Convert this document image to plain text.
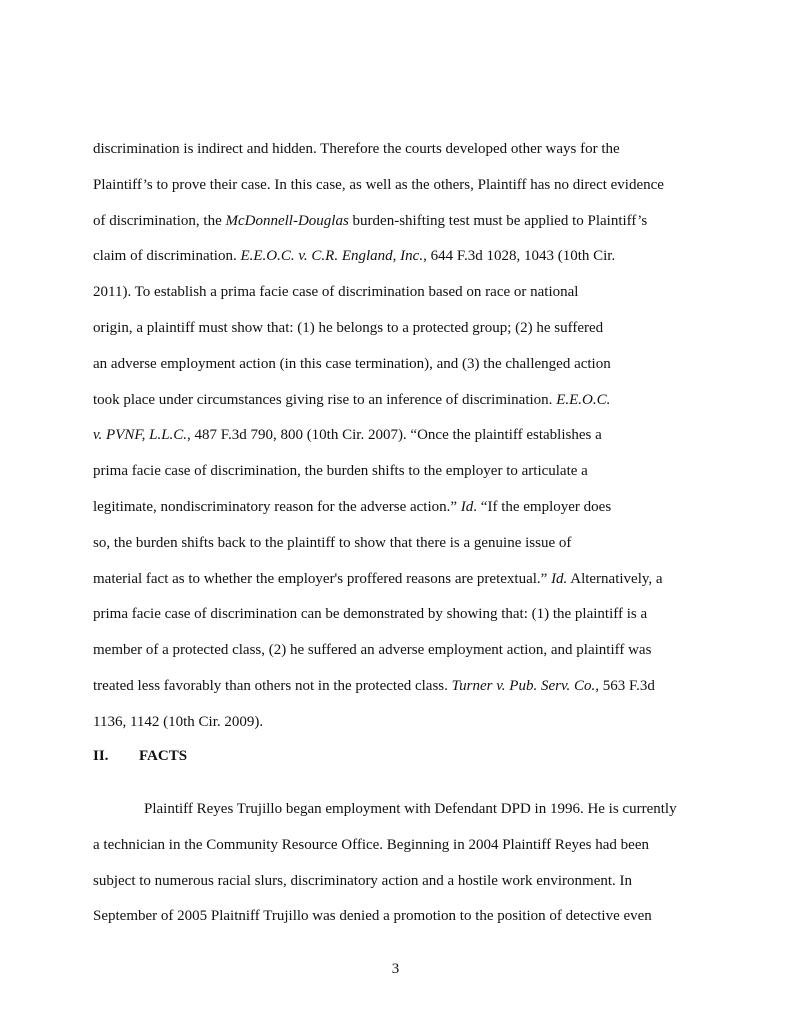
discrimination is indirect and hidden. Therefore the courts developed other ways for the
Plaintiff’s to prove their case. In this case, as well as the others, Plaintiff has no direct evidence
of discrimination, the McDonnell-Douglas burden-shifting test must be applied to Plaintiff’s
claim of discrimination. E.E.O.C. v. C.R. England, Inc., 644 F.3d 1028, 1043 (10th Cir.
2011). To establish a prima facie case of discrimination based on race or national
origin, a plaintiff must show that: (1) he belongs to a protected group; (2) he suffered
an adverse employment action (in this case termination), and (3) the challenged action
took place under circumstances giving rise to an inference of discrimination. E.E.O.C.
v. PVNF, L.L.C., 487 F.3d 790, 800 (10th Cir. 2007). “Once the plaintiff establishes a
prima facie case of discrimination, the burden shifts to the employer to articulate a
legitimate, nondiscriminatory reason for the adverse action.” Id. “If the employer does
so, the burden shifts back to the plaintiff to show that there is a genuine issue of
material fact as to whether the employer's proffered reasons are pretextual.” Id. Alternatively, a
prima facie case of discrimination can be demonstrated by showing that: (1) the plaintiff is a
member of a protected class, (2) he suffered an adverse employment action, and plaintiff was
treated less favorably than others not in the protected class. Turner v. Pub. Serv. Co., 563 F.3d
1136, 1142 (10th Cir. 2009).
II. FACTS
Plaintiff Reyes Trujillo began employment with Defendant DPD in 1996. He is currently
a technician in the Community Resource Office. Beginning in 2004 Plaintiff Reyes had been
subject to numerous racial slurs, discriminatory action and a hostile work environment. In
September of 2005 Plaitniff Trujillo was denied a promotion to the position of detective even
3
